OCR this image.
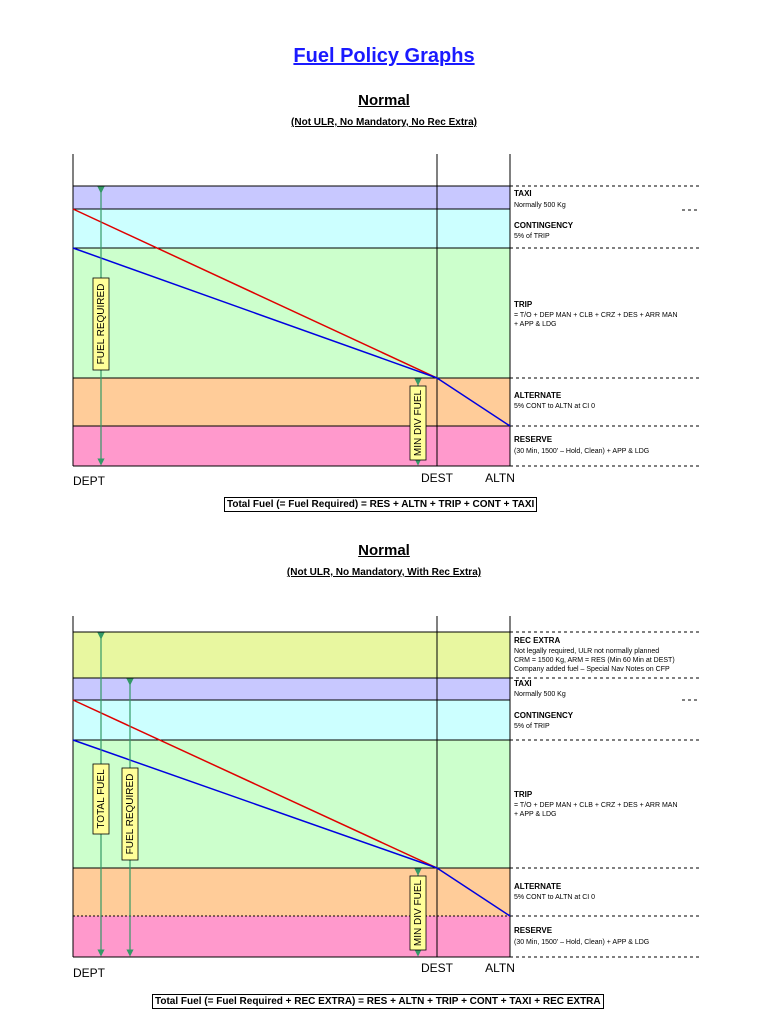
Fuel Policy Graphs
Normal
(Not ULR, No Mandatory, No Rec Extra)
FUEL REQUIRED
MIN DIV FUEL
TAXI
Normally 500 Kg
CONTINGENCY
5% of TRIP
TRIP
= T/O + DEP MAN + CLB + CRZ + DES + ARR MAN
+ APP & LDG
ALTERNATE
5% CONT to ALTN at CI 0
RESERVE
(30 Min, 1500' – Hold, Clean) + APP & LDG
DEPT	DEST	ALTN
Total Fuel (= Fuel Required) = RES + ALTN + TRIP + CONT + TAXI
Normal
(Not ULR, No Mandatory, With Rec Extra)
TOTAL FUEL FUEL REQUIRED
MIN DIV FUEL
REC EXTRA
Not legally required, ULR not normally planned
CRM = 1500 Kg, ARM = RES (Min 60 Min at DEST)
Company added fuel – Special Nav Notes on CFP
TAXI
Normally 500 Kg
CONTINGENCY
5% of TRIP
TRIP
= T/O + DEP MAN + CLB + CRZ + DES + ARR MAN
+ APP & LDG
ALTERNATE
5% CONT to ALTN at CI 0
RESERVE
(30 Min, 1500' – Hold, Clean) + APP & LDG
DEPT	DEST	ALTN
Total Fuel (= Fuel Required + REC EXTRA) = RES + ALTN + TRIP + CONT + TAXI + REC EXTRA
